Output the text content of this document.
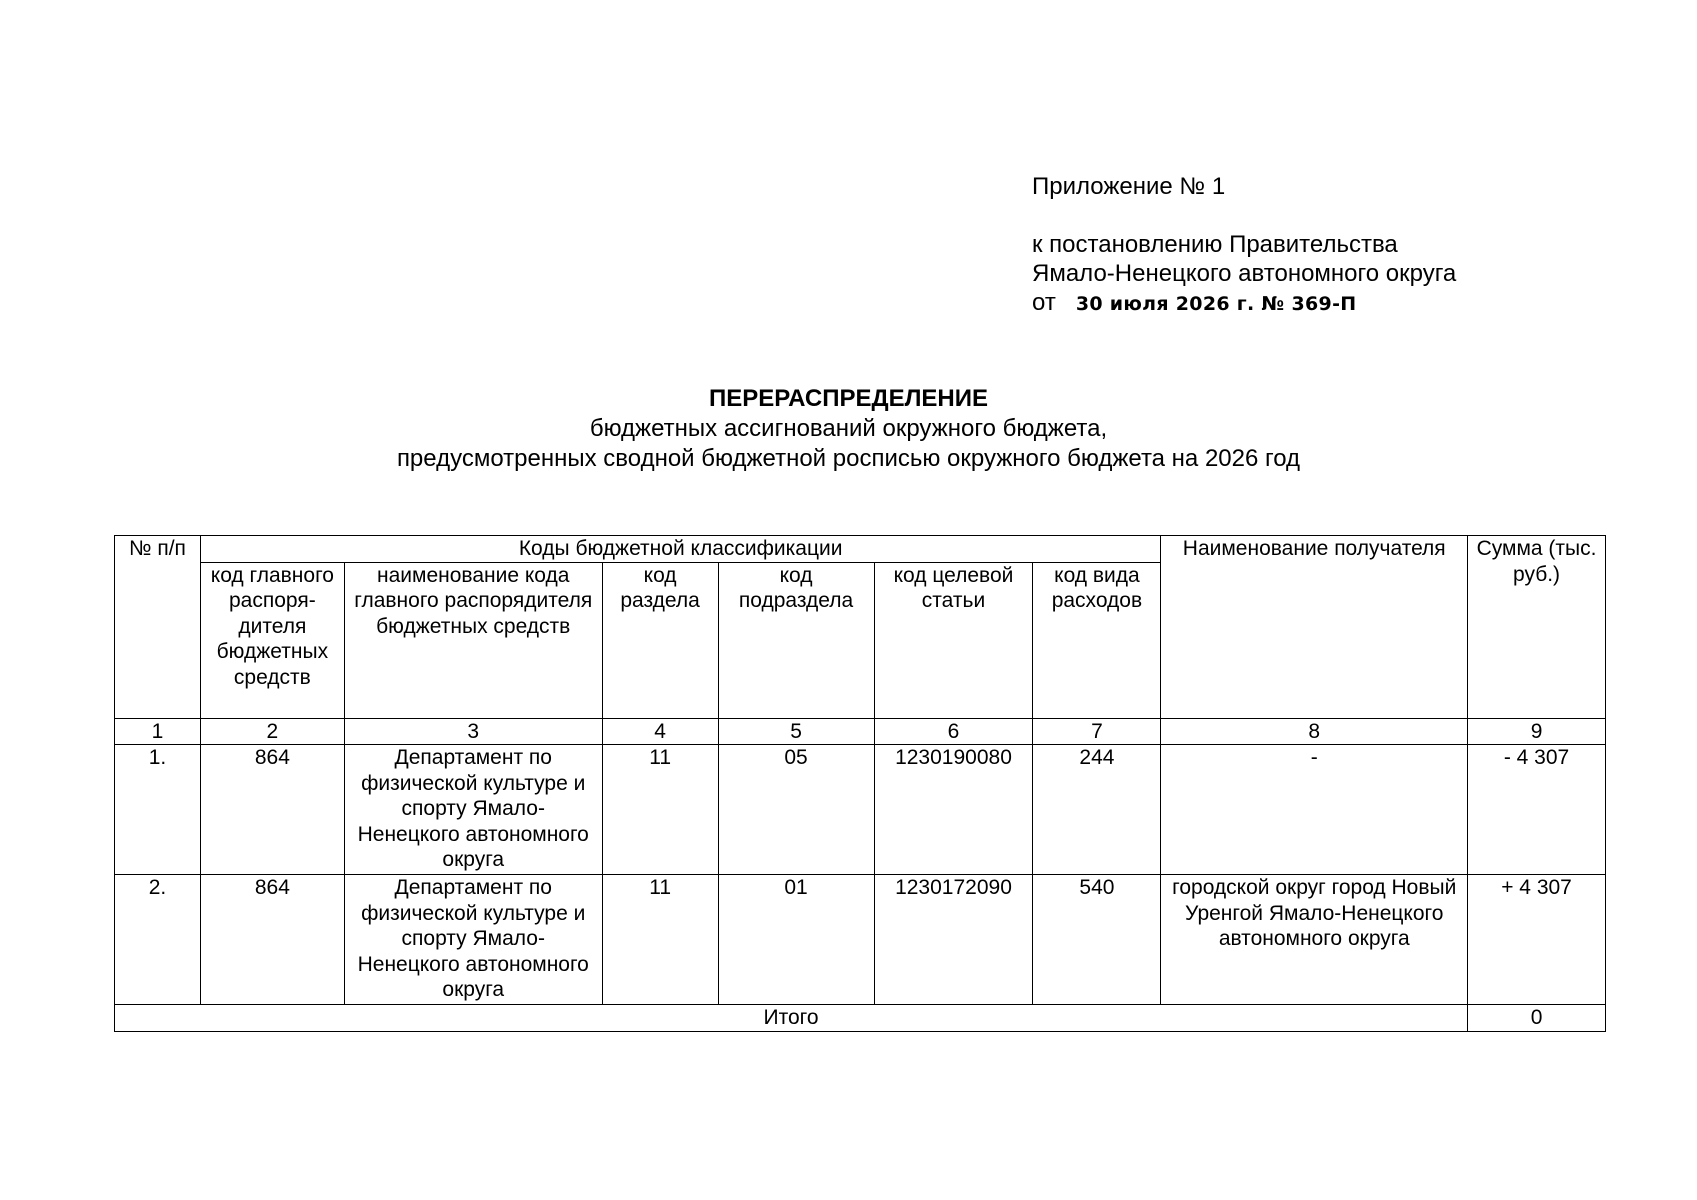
Приложение № 1
к постановлению Правительства
Ямало-Ненецкого автономного округа
от 30 июля 2026 г. № 369-П
ПЕРЕРАСПРЕДЕЛЕНИЕ
бюджетных ассигнований окружного бюджета,
предусмотренных сводной бюджетной росписью окружного бюджета на 2026 год
№ п/п	Коды бюджетной классификации						Наименование получателя	Сумма (тыс. руб.)
	код главного распоря-дителя бюджетных средств	наименование кода главного распорядителя бюджетных средств	код раздела	код подраздела	код целевой статьи	код вида расходов		
1	2	3	4	5	6	7	8	9
1.	864	Департамент по физической культуре и спорту Ямало-Ненецкого автономного округа	11	05	1230190080	244	-	- 4 307
2.	864	Департамент по физической культуре и спорту Ямало-Ненецкого автономного округа	11	01	1230172090	540	городской округ город Новый Уренгой Ямало-Ненецкого автономного округа	+ 4 307
Итого								0
